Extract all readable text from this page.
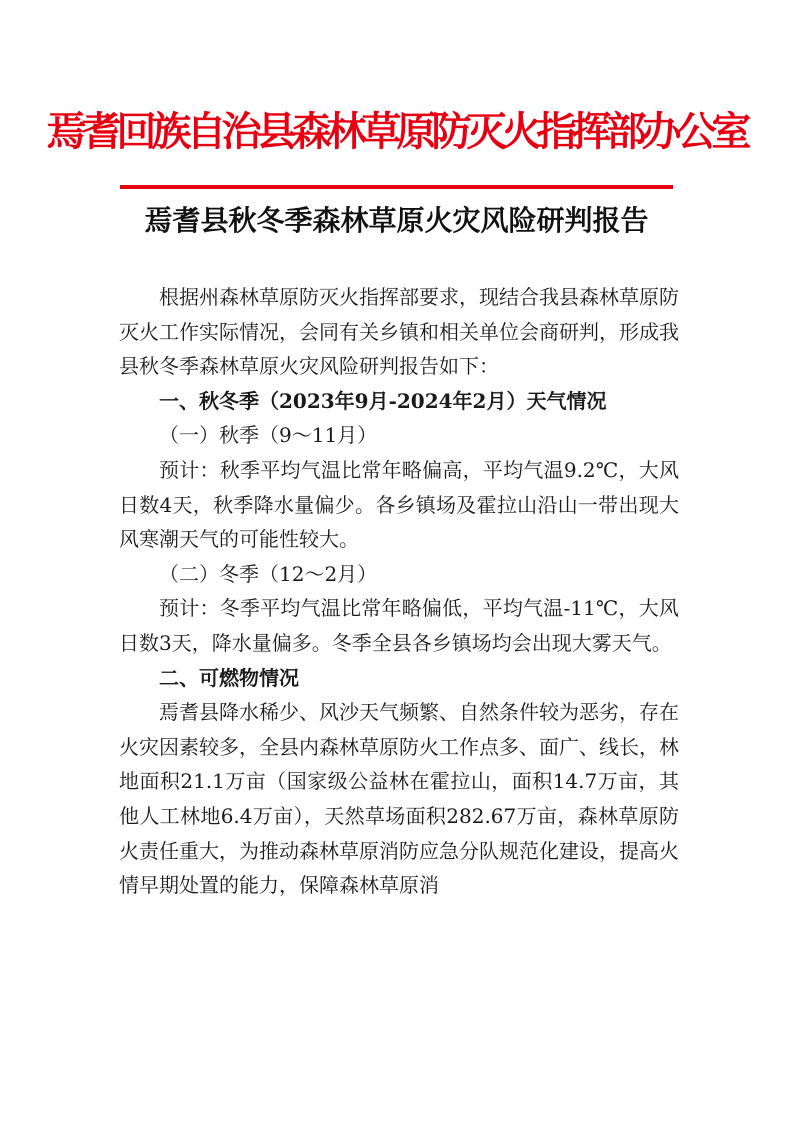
焉耆回族自治县森林草原防灭火指挥部办公室
焉耆县秋冬季森林草原火灾风险研判报告

根据州森林草原防灭火指挥部要求，现结合我县森林草原防灭火工作实际情况，会同有关乡镇和相关单位会商研判，形成我县秋冬季森林草原火灾风险研判报告如下：

一、秋冬季（2023年9月-2024年2月）天气情况

（一）秋季（9～11月）

预计：秋季平均气温比常年略偏高，平均气温9.2℃，大风日数4天，秋季降水量偏少。各乡镇场及霍拉山沿山一带出现大风寒潮天气的可能性较大。

（二）冬季（12～2月）

预计：冬季平均气温比常年略偏低，平均气温-11℃，大风日数3天，降水量偏多。冬季全县各乡镇场均会出现大雾天气。

二、可燃物情况

焉耆县降水稀少、风沙天气频繁、自然条件较为恶劣，存在火灾因素较多，全县内森林草原防火工作点多、面广、线长，林地面积21.1万亩（国家级公益林在霍拉山，面积14.7万亩，其他人工林地6.4万亩），天然草场面积282.67万亩，森林草原防火责任重大，为推动森林草原消防应急分队规范化建设，提高火情早期处置的能力，保障森林草原消
